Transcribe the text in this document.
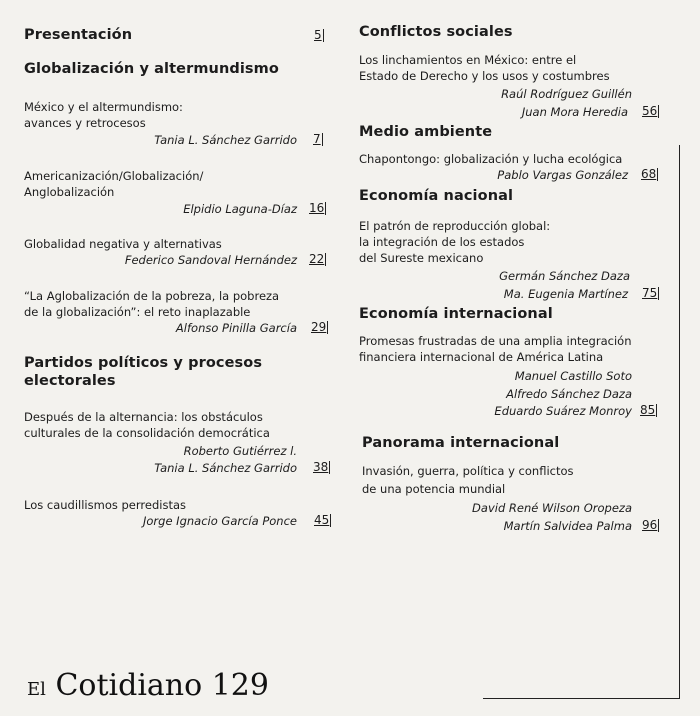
Presentación	5
Globalización y altermundismo
México y el altermundismo:
avances y retrocesos
Tania L. Sánchez Garrido 7
Americanización/Globalización/
Anglobalización
Elpidio Laguna-Díaz 16
Globalidad negativa y alternativas
Federico Sandoval Hernández 22
“La Aglobalización de la pobreza, la pobreza
de la globalización”: el reto inaplazable
Alfonso Pinilla García 29
Partidos políticos y procesos
electorales
Después de la alternancia: los obstáculos
culturales de la consolidación democrática
Roberto Gutiérrez l.
Tania L. Sánchez Garrido 38
Los caudillismos perredistas
Jorge Ignacio García Ponce 45
Conflictos sociales
Los linchamientos en México: entre el
Estado de Derecho y los usos y costumbres
Raúl Rodríguez Guillén
Juan Mora Heredia 56
Medio ambiente
Chapontongo: globalización y lucha ecológica
Pablo Vargas González 68
Economía nacional
El patrón de reproducción global:
la integración de los estados
del Sureste mexicano
Germán Sánchez Daza
Ma. Eugenia Martínez 75
Economía internacional
Promesas frustradas de una amplia integración
financiera internacional de América Latina
Manuel Castillo Soto
Alfredo Sánchez Daza
Eduardo Suárez Monroy 85
Panorama internacional
Invasión, guerra, política y conflictos
de una potencia mundial
David René Wilson Oropeza
Martín Salvidea Palma 96
El Cotidiano 129
